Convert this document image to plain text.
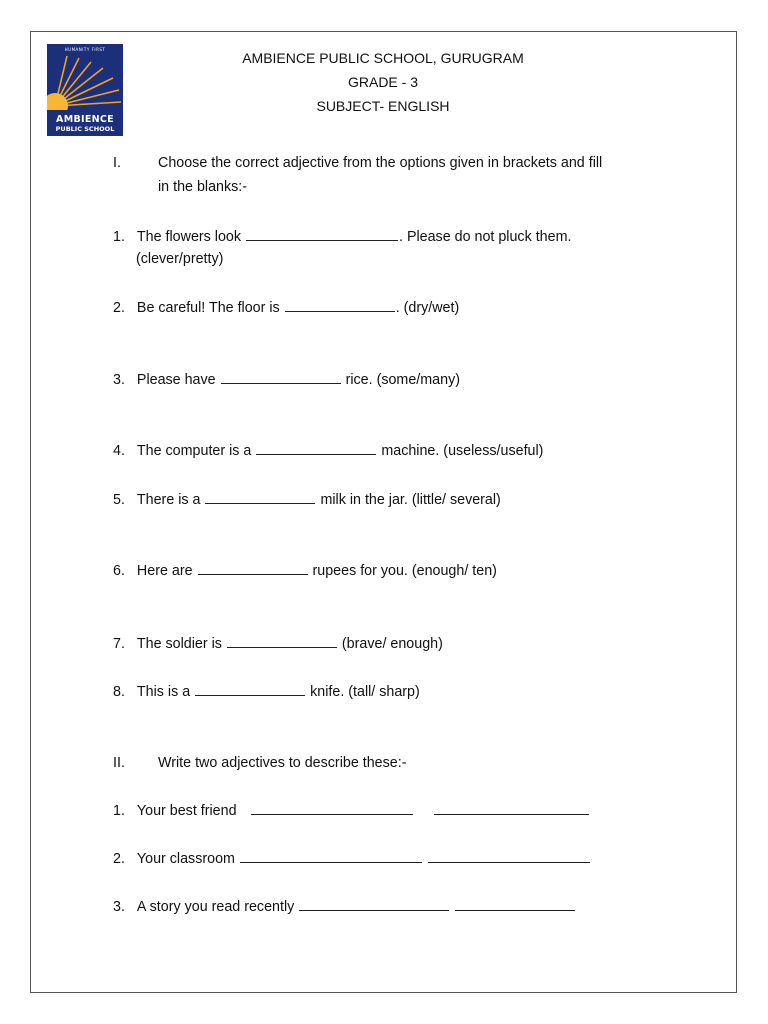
HUMANITY FIRST
AMBIENCE
PUBLIC SCHOOL
AMBIENCE PUBLIC SCHOOL, GURUGRAM
GRADE - 3
SUBJECT- ENGLISH
I.	Choose the correct adjective from the options given in brackets and fill
in the blanks:-
1. The flowers look	. Please do not pluck them.
(clever/pretty)
2. Be careful! The floor is	. (dry/wet)
3. Please have	rice. (some/many)
4. The computer is a	machine. (useless/useful)
5. There is a	milk in the jar. (little/ several)
6. Here are	rupees for you. (enough/ ten)
7. The soldier is	(brave/ enough)
8. This is a	knife. (tall/ sharp)
II. Write two adjectives to describe these:-
1. Your best friend
2. Your classroom
3. A story you read recently
